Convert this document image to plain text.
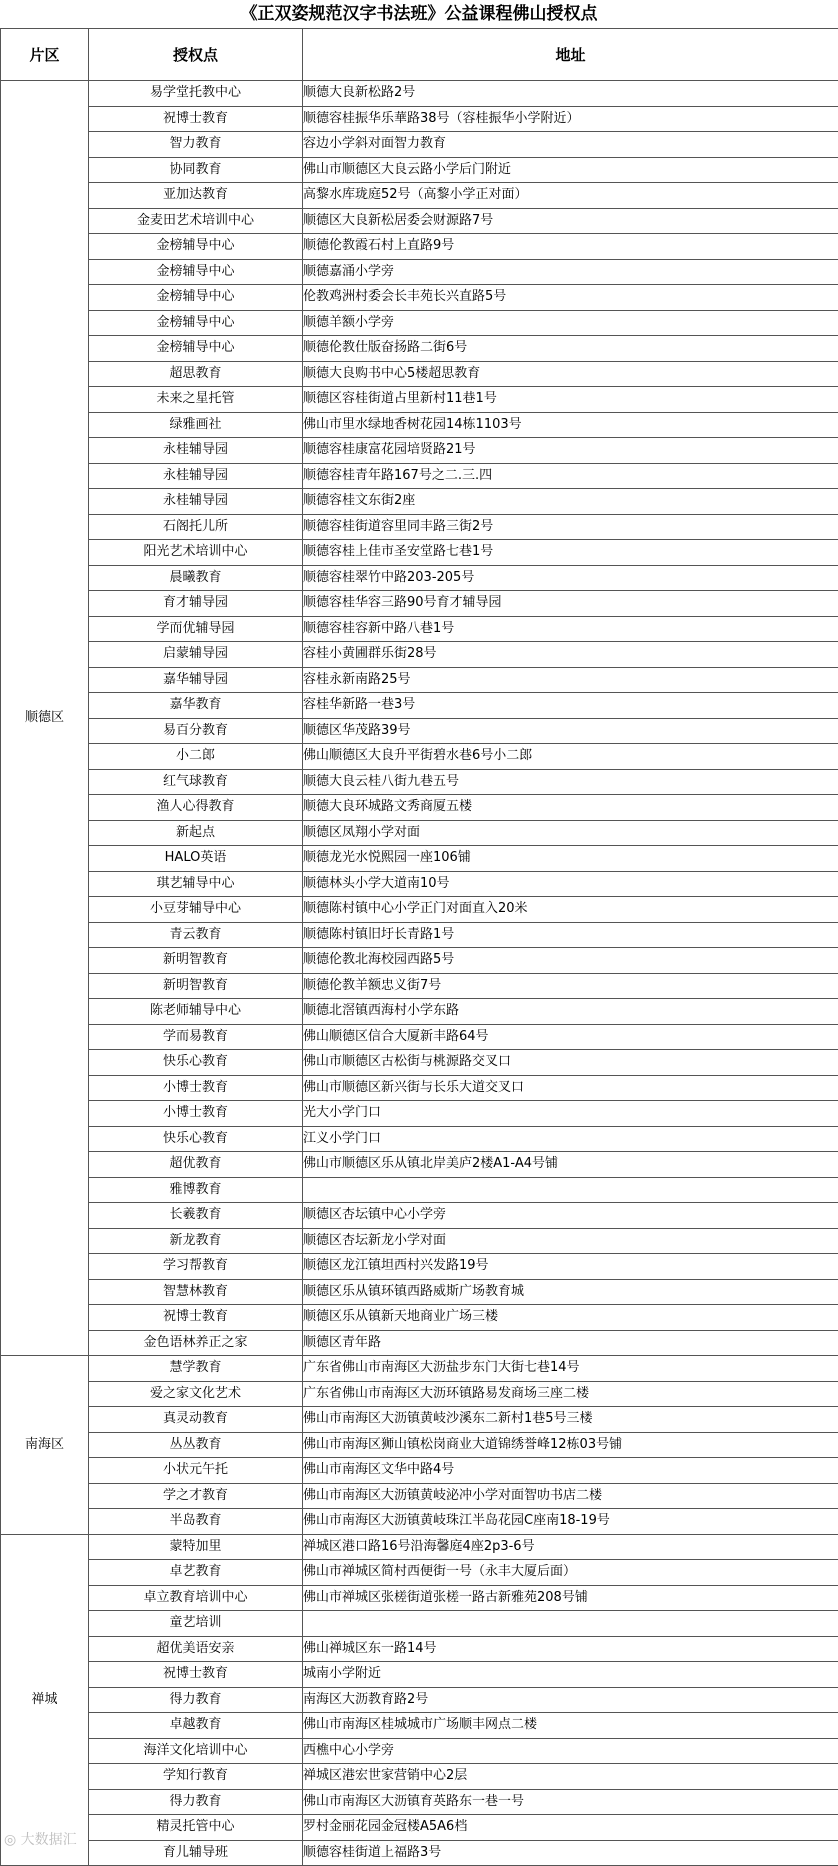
《正双姿规范汉字书法班》公益课程佛山授权点
片区	授权点	地址
顺德区	易学堂托教中心	顺德大良新松路2号
	祝博士教育	顺德容桂振华乐華路38号（容桂振华小学附近）
	智力教育	容边小学斜对面智力教育
	协同教育	佛山市顺德区大良云路小学后门附近
	亚加达教育	高黎水库珑庭52号（高黎小学正对面）
	金麦田艺术培训中心	顺德区大良新松居委会财源路7号
	金榜辅导中心	顺德伦教霞石村上直路9号
	金榜辅导中心	顺德嘉涌小学旁
	金榜辅导中心	伦教鸡洲村委会长丰苑长兴直路5号
	金榜辅导中心	顺德羊额小学旁
	金榜辅导中心	顺德伦教仕版奋扬路二街6号
	超思教育	顺德大良购书中心5楼超思教育
	未来之星托管	顺德区容桂街道占里新村11巷1号
	绿雅画社	佛山市里水绿地香树花园14栋1103号
	永桂辅导园	顺德容桂康富花园培贤路21号
	永桂辅导园	顺德容桂青年路167号之二.三.四
	永桂辅导园	顺德容桂文东街2座
	石阁托儿所	顺德容桂街道容里同丰路三街2号
	阳光艺术培训中心	顺德容桂上佳市圣安堂路七巷1号
	晨曦教育	顺德容桂翠竹中路203-205号
	育才辅导园	顺德容桂华容三路90号育才辅导园
	学而优辅导园	顺德容桂容新中路八巷1号
	启蒙辅导园	容桂小黄圃群乐街28号
	嘉华辅导园	容桂永新南路25号
	嘉华教育	容桂华新路一巷3号
	易百分教育	顺德区华茂路39号
	小二郎	佛山顺德区大良升平街碧水巷6号小二郎
	红气球教育	顺德大良云桂八街九巷五号
	渔人心得教育	顺德大良环城路文秀商厦五楼
	新起点	顺德区凤翔小学对面
	HALO英语	顺德龙光水悦熙园一座106铺
	琪艺辅导中心	顺德林头小学大道南10号
	小豆芽辅导中心	顺德陈村镇中心小学正门对面直入20米
	青云教育	顺德陈村镇旧圩长青路1号
	新明智教育	顺德伦教北海校园西路5号
	新明智教育	顺德伦教羊额忠义街7号
	陈老师辅导中心	顺德北滘镇西海村小学东路
	学而易教育	佛山顺德区信合大厦新丰路64号
	快乐心教育	佛山市顺德区古松街与桃源路交叉口
	小博士教育	佛山市顺德区新兴街与长乐大道交叉口
	小博士教育	光大小学门口
	快乐心教育	江义小学门口
	超优教育	佛山市顺德区乐从镇北岸美庐2楼A1-A4号铺
	雅博教育	
	长羲教育	顺德区杏坛镇中心小学旁
	新龙教育	顺德区杏坛新龙小学对面
	学习帮教育	顺德区龙江镇坦西村兴发路19号
	智慧林教育	顺德区乐从镇环镇西路威斯广场教育城
	祝博士教育	顺德区乐从镇新天地商业广场三楼
	金色语林养正之家	顺德区青年路
南海区	慧学教育	广东省佛山市南海区大沥盐步东门大街七巷14号
	爱之家文化艺术	广东省佛山市南海区大沥环镇路易发商场三座二楼
	真灵动教育	佛山市南海区大沥镇黄岐沙溪东二新村1巷5号三楼
	丛丛教育	佛山市南海区狮山镇松岗商业大道锦绣誉峰12栋03号铺
	小状元午托	佛山市南海区文华中路4号
	学之才教育	佛山市南海区大沥镇黄岐泌冲小学对面智叻书店二楼
	半岛教育	佛山市南海区大沥镇黄岐珠江半岛花园C座南18-19号
禅城	蒙特加里	禅城区港口路16号沿海馨庭4座2p3-6号
	卓艺教育	佛山市禅城区简村西便街一号（永丰大厦后面）
	卓立教育培训中心	佛山市禅城区张槎街道张槎一路古新雅苑208号铺
	童艺培训	
	超优美语安亲	佛山禅城区东一路14号
	祝博士教育	城南小学附近
	得力教育	南海区大沥教育路2号
	卓越教育	佛山市南海区桂城城市广场顺丰网点二楼
	海洋文化培训中心	西樵中心小学旁
	学知行教育	禅城区港宏世家营销中心2层
	得力教育	佛山市南海区大沥镇育英路东一巷一号
	精灵托管中心	罗村金丽花园金冠楼A5A6档
	育儿辅导班	顺德容桂街道上福路3号
◎ 大数据汇
